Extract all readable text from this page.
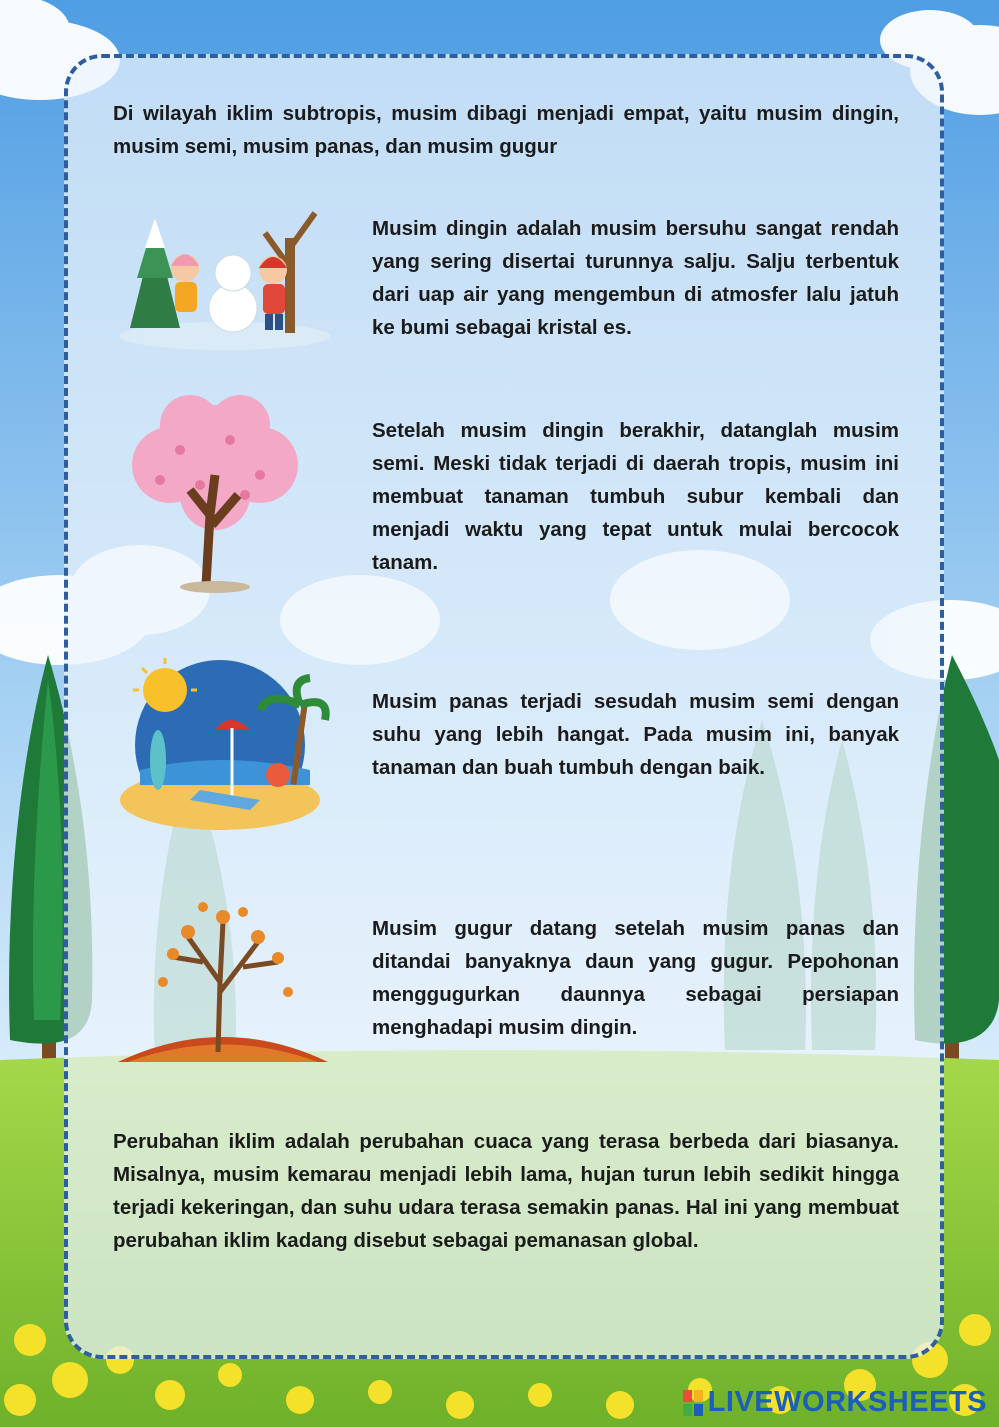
Di wilayah iklim subtropis, musim dibagi menjadi empat, yaitu musim dingin, musim semi, musim panas, dan musim gugur

Musim dingin adalah musim bersuhu sangat rendah yang sering disertai turunnya salju. Salju terbentuk dari uap air yang mengembun di atmosfer lalu jatuh ke bumi sebagai kristal es.

Setelah musim dingin berakhir, datanglah musim semi. Meski tidak terjadi di daerah tropis, musim ini membuat tanaman tumbuh subur kembali dan menjadi waktu yang tepat untuk mulai bercocok tanam.

Musim panas terjadi sesudah musim semi dengan suhu yang lebih hangat. Pada musim ini, banyak tanaman dan buah tumbuh dengan baik.

Musim gugur datang setelah musim panas dan ditandai banyaknya daun yang gugur. Pepohonan menggugurkan daunnya sebagai persiapan menghadapi musim dingin.

Perubahan iklim adalah perubahan cuaca yang terasa berbeda dari biasanya. Misalnya, musim kemarau menjadi lebih lama, hujan turun lebih sedikit hingga terjadi kekeringan, dan suhu udara terasa semakin panas. Hal ini yang membuat perubahan iklim kadang disebut sebagai pemanasan global.

LIVEWORKSHEETS
